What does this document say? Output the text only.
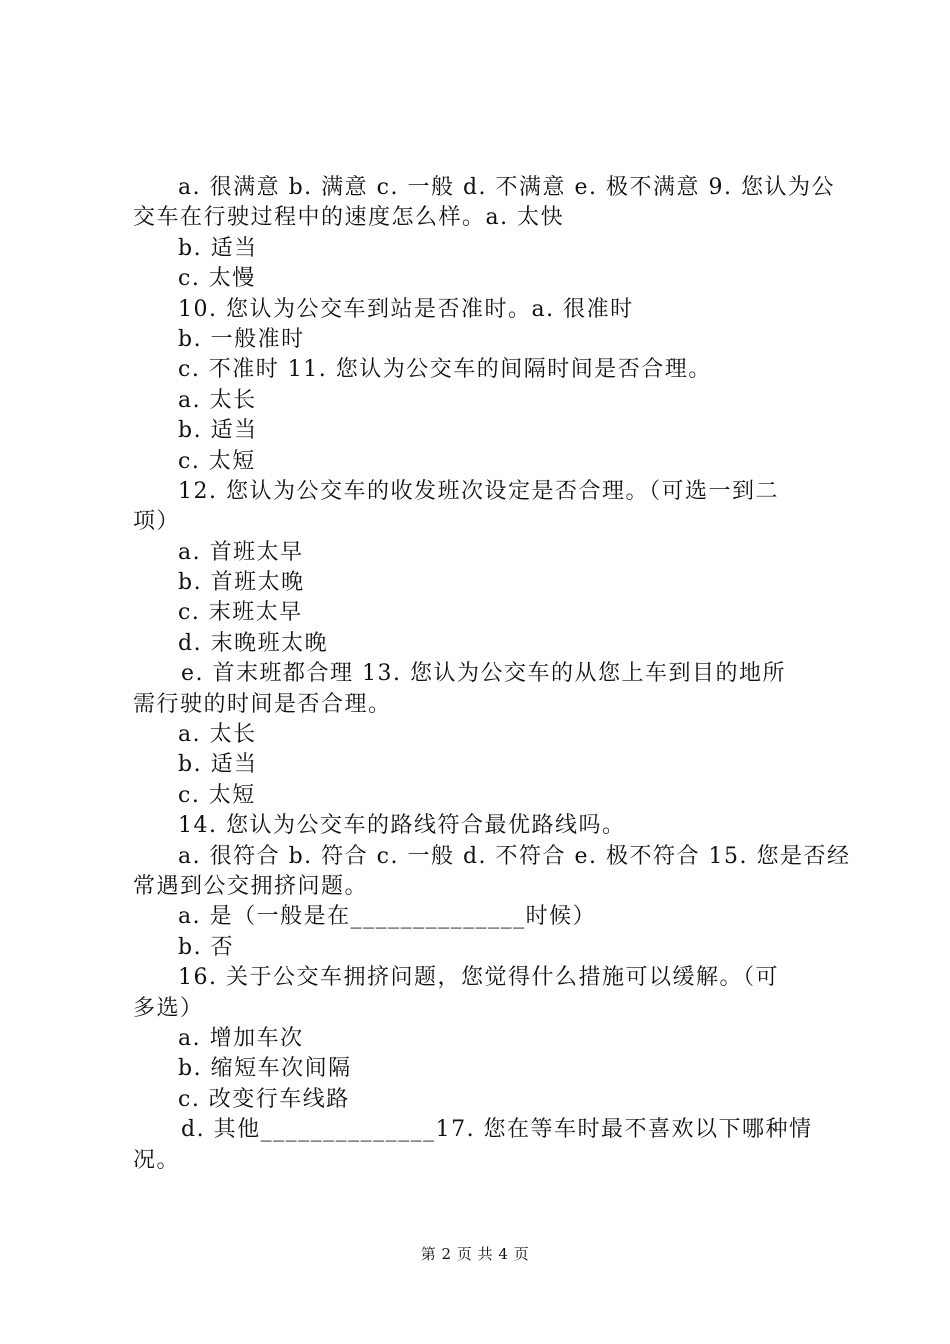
a. 很满意 b. 满意 c. 一般 d. 不满意 e. 极不满意 9. 您认为公
交车在行驶过程中的速度怎么样。a. 太快
b. 适当
c. 太慢
10. 您认为公交车到站是否准时。a. 很准时
b. 一般准时
c. 不准时 11. 您认为公交车的间隔时间是否合理。
a. 太长
b. 适当
c. 太短
12. 您认为公交车的收发班次设定是否合理。（可选一到二
项）
a. 首班太早
b. 首班太晚
c. 末班太早
d. 末晚班太晚
e. 首末班都合理 13. 您认为公交车的从您上车到目的地所
需行驶的时间是否合理。
a. 太长
b. 适当
c. 太短
14. 您认为公交车的路线符合最优路线吗。
a. 很符合 b. 符合 c. 一般 d. 不符合 e. 极不符合 15. 您是否经
常遇到公交拥挤问题。
a. 是（一般是在______________时候）
b. 否
16. 关于公交车拥挤问题，您觉得什么措施可以缓解。（可
多选）
a. 增加车次
b. 缩短车次间隔
c. 改变行车线路
d. 其他______________17. 您在等车时最不喜欢以下哪种情
况。
第 2 页 共 4 页
